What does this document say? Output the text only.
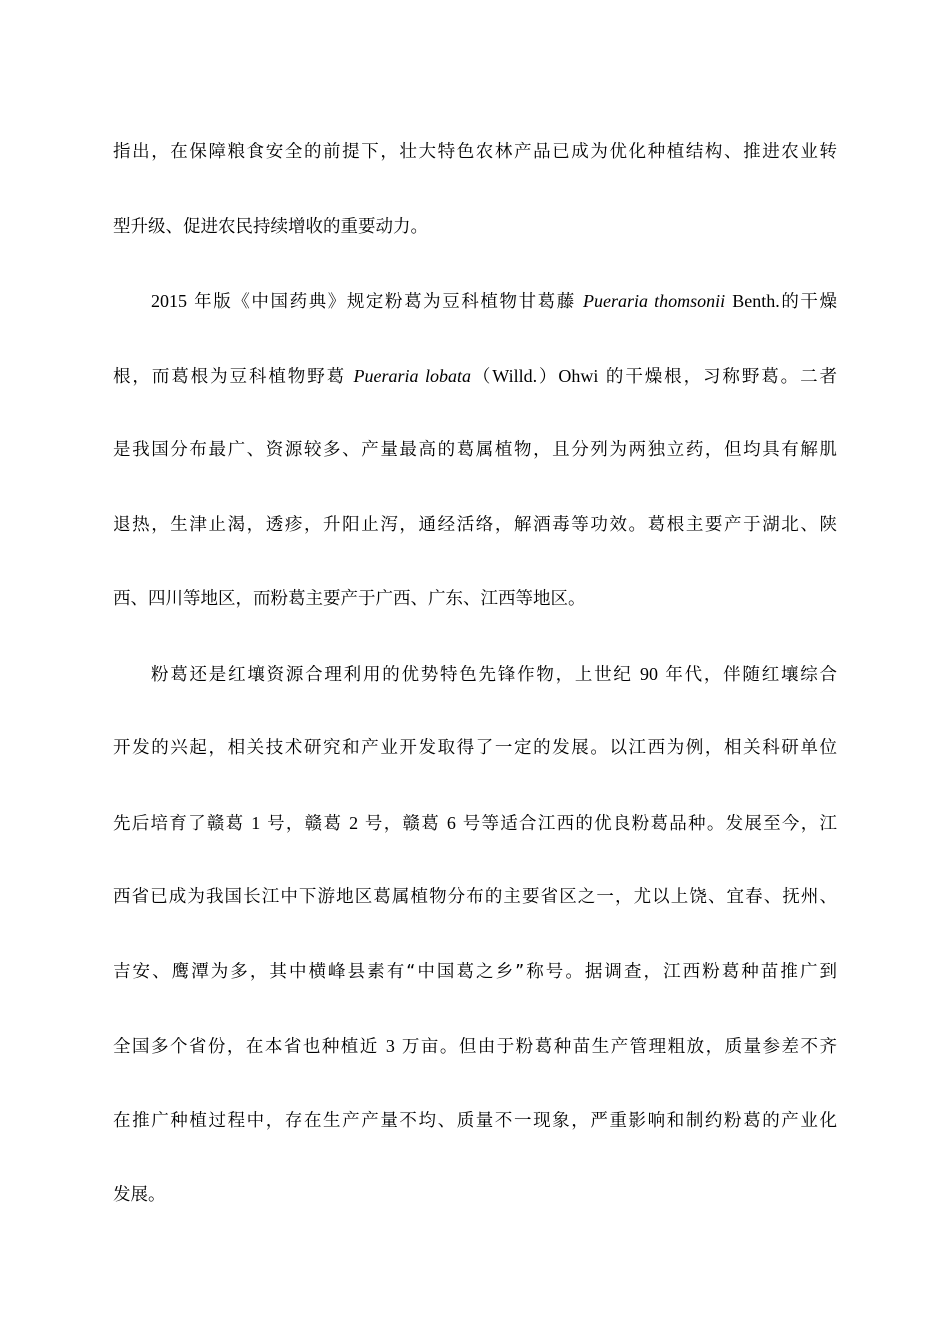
指出，在保障粮食安全的前提下，壮大特色农林产品已成为优化种植结构、推进农业转
型升级、促进农民持续增收的重要动力。
2015 年版《中国药典》规定粉葛为豆科植物甘葛藤 Pueraria thomsonii Benth.的干燥
根，而葛根为豆科植物野葛 Pueraria lobata（Willd.）Ohwi 的干燥根，习称野葛。二者
是我国分布最广、资源较多、产量最高的葛属植物，且分列为两独立药，但均具有解肌
退热，生津止渴，透疹，升阳止泻，通经活络，解酒毒等功效。葛根主要产于湖北、陕
西、四川等地区，而粉葛主要产于广西、广东、江西等地区。
粉葛还是红壤资源合理利用的优势特色先锋作物，上世纪 90 年代，伴随红壤综合
开发的兴起，相关技术研究和产业开发取得了一定的发展。以江西为例，相关科研单位
先后培育了赣葛 1 号，赣葛 2 号，赣葛 6 号等适合江西的优良粉葛品种。发展至今，江
西省已成为我国长江中下游地区葛属植物分布的主要省区之一，尤以上饶、宜春、抚州、
吉安、鹰潭为多，其中横峰县素有“中国葛之乡”称号。据调查，江西粉葛种苗推广到
全国多个省份，在本省也种植近 3 万亩。但由于粉葛种苗生产管理粗放，质量参差不齐
在推广种植过程中，存在生产产量不均、质量不一现象，严重影响和制约粉葛的产业化
发展。
